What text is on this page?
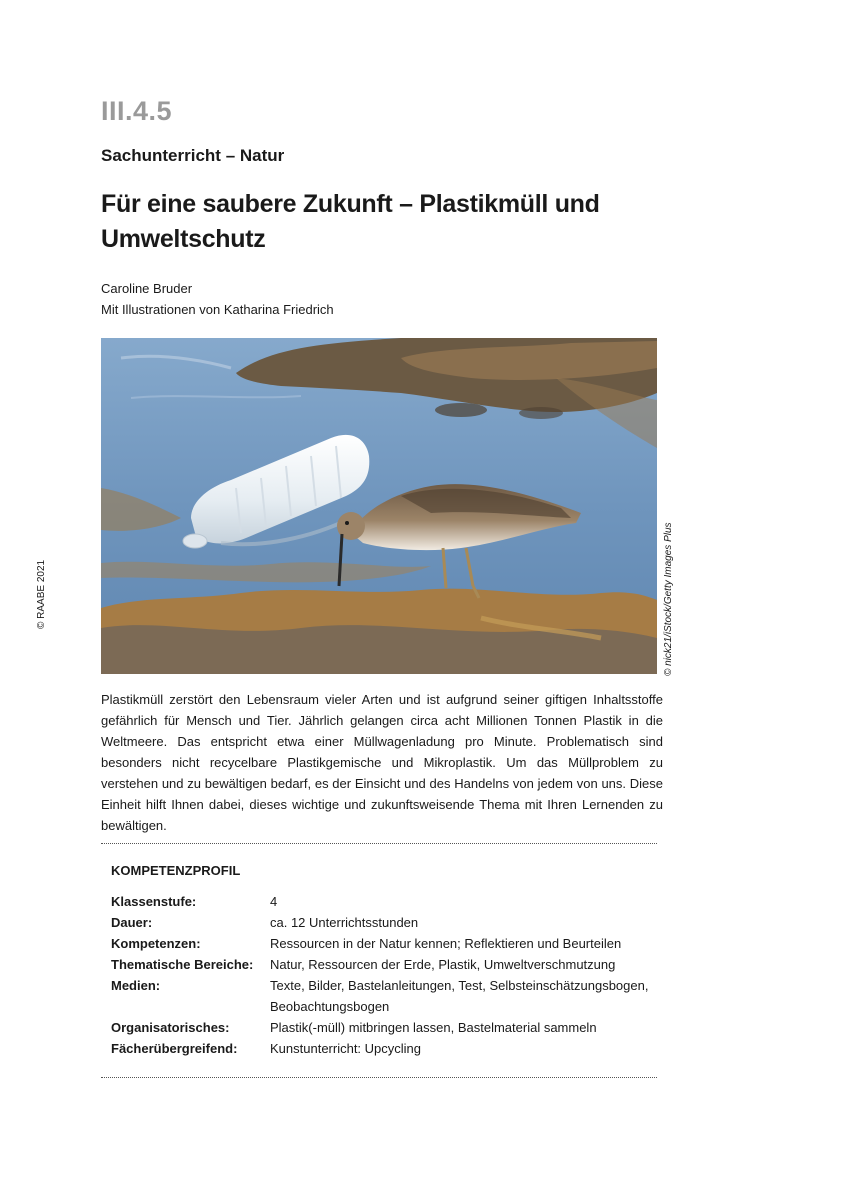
III.4.5
Sachunterricht – Natur
Für eine saubere Zukunft – Plastikmüll und Umweltschutz
Caroline Bruder
Mit Illustrationen von Katharina Friedrich
© nick21/iStock/Getty Images Plus
© RAABE 2021

Plastikmüll zerstört den Lebensraum vieler Arten und ist aufgrund seiner giftigen Inhaltsstoffe gefährlich für Mensch und Tier. Jährlich gelangen circa acht Millionen Tonnen Plastik in die Weltmeere. Das entspricht etwa einer Müllwagenladung pro Minute. Problematisch sind besonders nicht recycelbare Plastikgemische und Mikroplastik. Um das Müllproblem zu verstehen und zu bewältigen bedarf, es der Einsicht und des Handelns von jedem von uns. Diese Einheit hilft Ihnen dabei, dieses wichtige und zukunftsweisende Thema mit Ihren Lernenden zu bewältigen.

KOMPETENZPROFIL
Klassenstufe:	4
Dauer:	ca. 12 Unterrichtsstunden
Kompetenzen:	Ressourcen in der Natur kennen; Reflektieren und Beurteilen
Thematische Bereiche:	Natur, Ressourcen der Erde, Plastik, Umweltverschmutzung
Medien:	Texte, Bilder, Bastelanleitungen, Test, Selbsteinschätzungsbogen, Beobachtungsbogen
Organisatorisches:	Plastik(-müll) mitbringen lassen, Bastelmaterial sammeln
Fächerübergreifend:	Kunstunterricht: Upcycling
